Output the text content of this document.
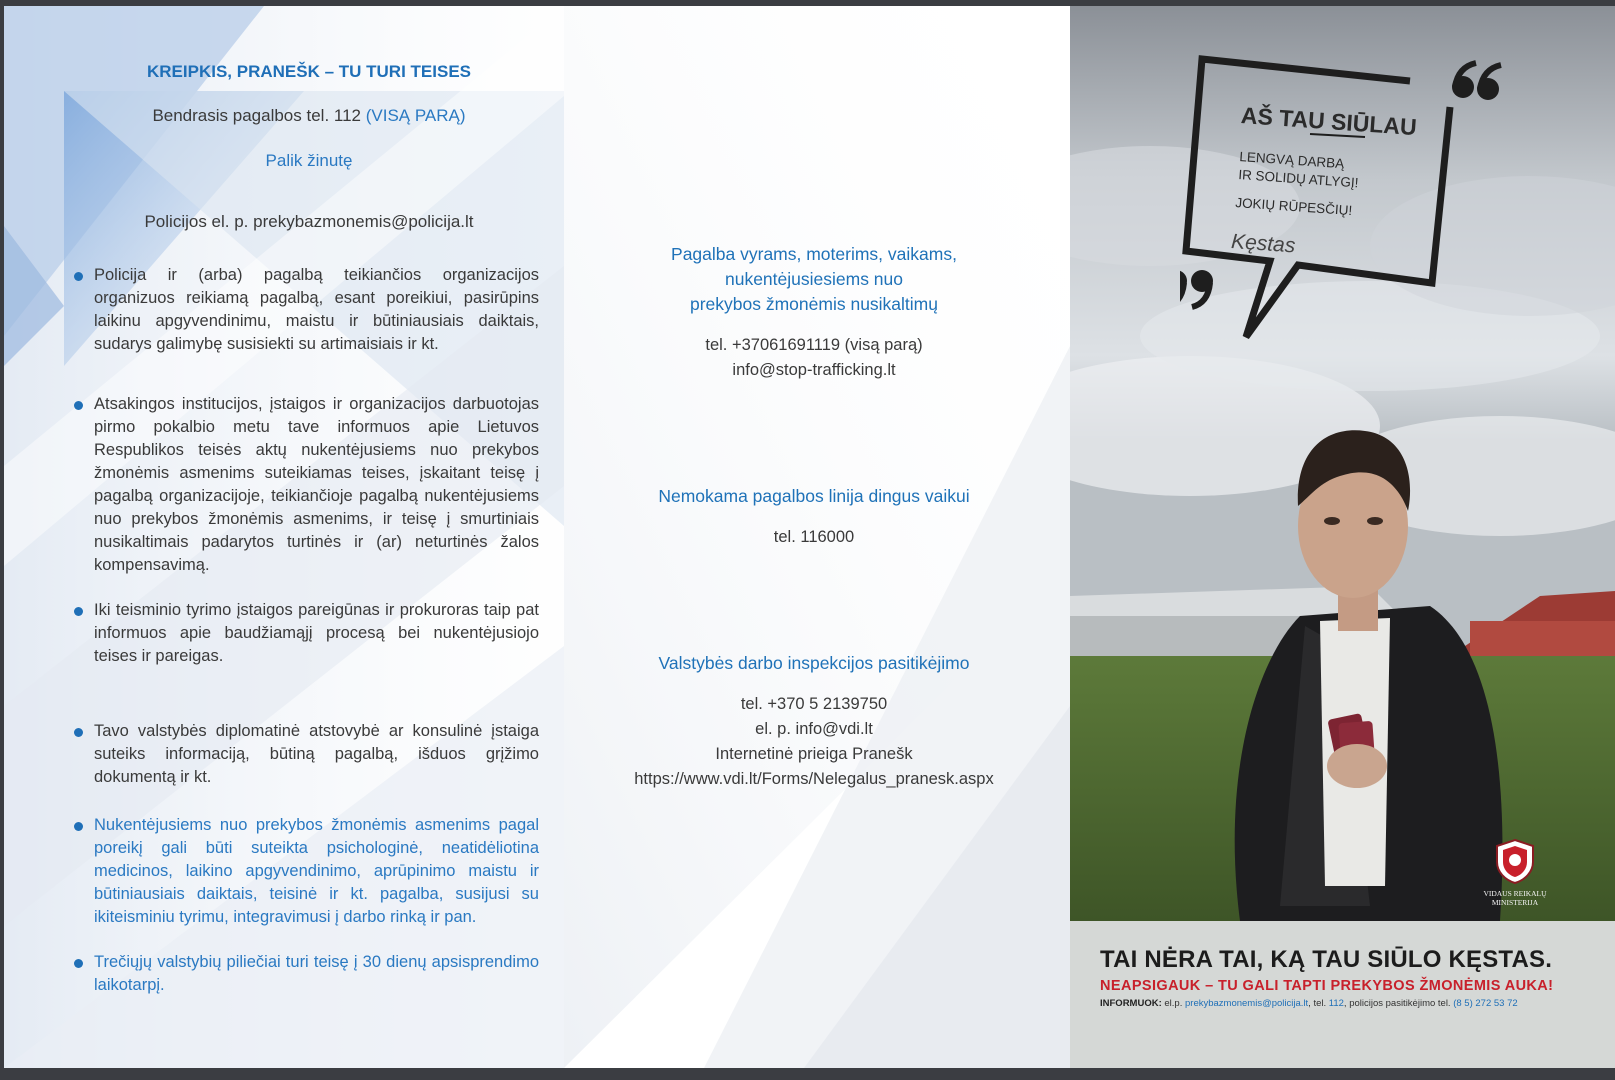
KREIPKIS, PRANEŠK – TU TURI TEISES
Bendrasis pagalbos tel. 112 (VISĄ PARĄ)
Palik žinutę
Policijos el. p. prekybazmonemis@policija.lt
Policija ir (arba) pagalbą teikiančios organizacijos organizuos reikiamą pagalbą, esant poreikiui, pasirūpins laikinu apgyvendinimu, maistu ir būtiniausiais daiktais, sudarys galimybę susisiekti su artimaisiais ir kt.
Atsakingos institucijos, įstaigos ir organizacijos darbuotojas pirmo pokalbio metu tave informuos apie Lietuvos Respublikos teisės aktų nukentėjusiems nuo prekybos žmonėmis asmenims suteikiamas teises, įskaitant teisę į pagalbą organizacijoje, teikiančioje pagalbą nukentėjusiems nuo prekybos žmonėmis asmenims, ir teisę į smurtiniais nusikaltimais padarytos turtinės ir (ar) neturtinės žalos kompensavimą.
Iki teisminio tyrimo įstaigos pareigūnas ir prokuroras taip pat informuos apie baudžiamąjį procesą bei nukentėjusiojo teises ir pareigas.
Tavo valstybės diplomatinė atstovybė ar konsulinė įstaiga suteiks informaciją, būtiną pagalbą, išduos grįžimo dokumentą ir kt.
Nukentėjusiems nuo prekybos žmonėmis asmenims pagal poreikį gali būti suteikta psichologinė, neatidėliotina medicinos, laikino apgyvendinimo, aprūpinimo maistu ir būtiniausiais daiktais, teisinė ir kt. pagalba, susijusi su ikiteisminiu tyrimu, integravimusi į darbo rinką ir pan.
Trečiųjų valstybių piliečiai turi teisę į 30 dienų apsisprendimo laikotarpį.
Pagalba vyrams, moterims, vaikams,
nukentėjusiesiems nuo
prekybos žmonėmis nusikaltimų
tel. +37061691119 (visą parą)
info@stop-trafficking.lt
Nemokama pagalbos linija dingus vaikui
tel. 116000
Valstybės darbo inspekcijos pasitikėjimo
tel. +370 5 2139750
el. p. info@vdi.lt
Internetinė prieiga Pranešk
https://www.vdi.lt/Forms/Nelegalus_pranesk.aspx
AŠ TAU SIŪLAU
LENGVĄ DARBĄ
IR SOLIDŲ ATLYGĮ!
JOKIŲ RŪPESČIŲ!
Kęstas
VIDAUS REIKALŲ
MINISTERIJA
TAI NĖRA TAI, KĄ TAU SIŪLO KĘSTAS.
NEAPSIGAUK – TU GALI TAPTI PREKYBOS ŽMONĖMIS AUKA!
INFORMUOK: el.p. prekybazmonemis@policija.lt, tel. 112, policijos pasitikėjimo tel. (8 5) 272 53 72
